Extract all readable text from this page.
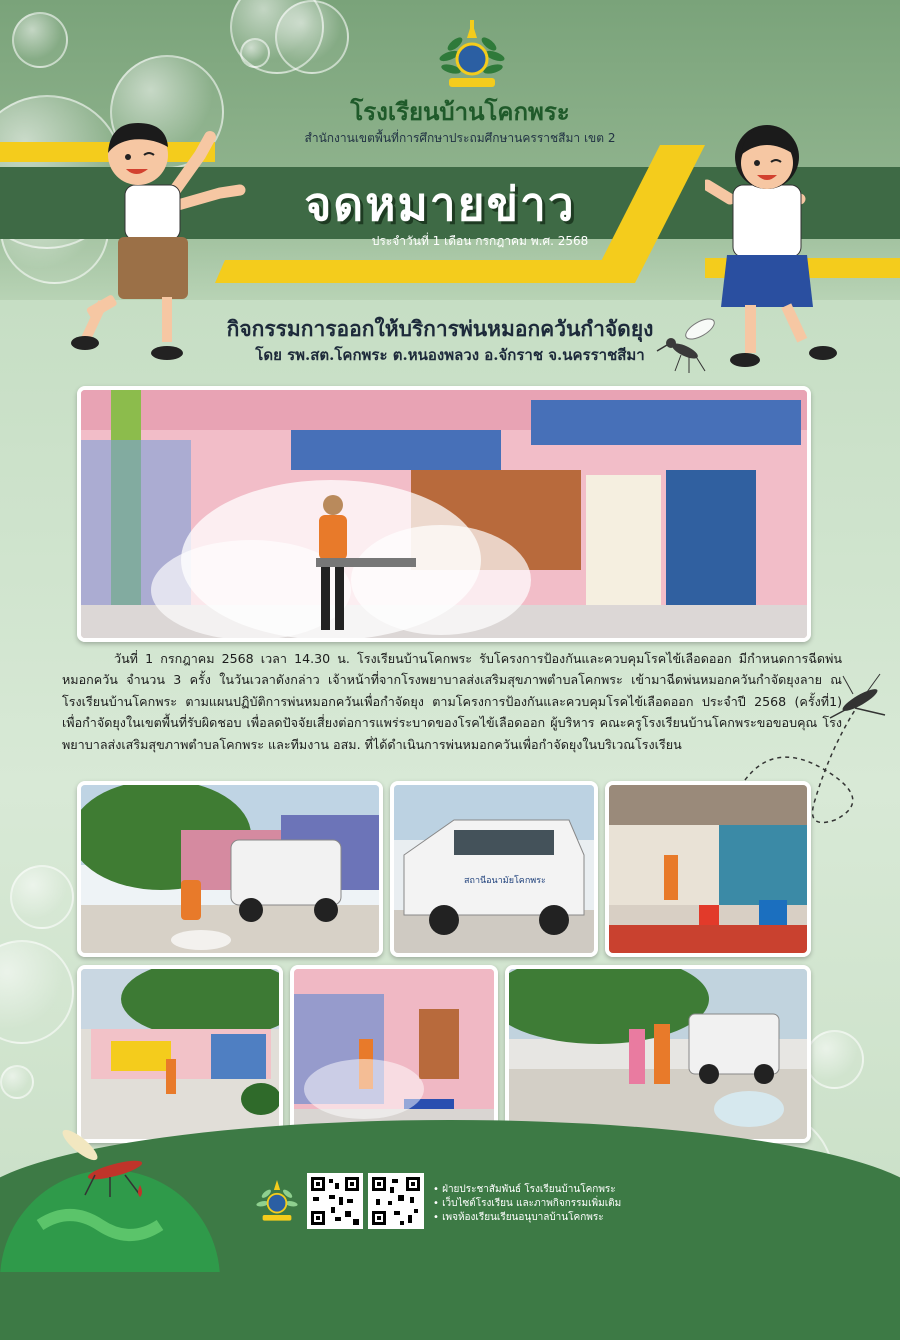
โรงเรียนบ้านโคกพระ
สำนักงานเขตพื้นที่การศึกษาประถมศึกษานครราชสีมา เขต 2
จดหมายข่าว
ประจำวันที่ 1 เดือน กรกฎาคม พ.ศ. 2568
กิจกรรมการออกให้บริการพ่นหมอกควันกำจัดยุง
โดย รพ.สต.โคกพระ ต.หนองพลวง อ.จักราช จ.นครราชสีมา
วันที่ 1 กรกฎาคม 2568 เวลา 14.30 น. โรงเรียนบ้านโคกพระ รับโครงการป้องกันและควบคุมโรคไข้เลือดออก มีกำหนดการฉีดพ่นหมอกควัน จำนวน 3 ครั้ง ในวันเวลาดังกล่าว เจ้าหน้าที่จากโรงพยาบาลส่งเสริมสุขภาพตำบลโคกพระ เข้ามาฉีดพ่นหมอกควันกำจัดยุงลาย ณ โรงเรียนบ้านโคกพระ ตามแผนปฏิบัติการพ่นหมอกควันเพื่อกำจัดยุง ตามโครงการป้องกันและควบคุมโรคไข้เลือดออก ประจำปี 2568 (ครั้งที่1) เพื่อกำจัดยุงในเขตพื้นที่รับผิดชอบ เพื่อลดปัจจัยเสี่ยงต่อการแพร่ระบาดของโรคไข้เลือดออก ผู้บริหาร คณะครูโรงเรียนบ้านโคกพระขอขอบคุณ โรงพยาบาลส่งเสริมสุขภาพตำบลโคกพระ และทีมงาน อสม. ที่ได้ดำเนินการพ่นหมอกควันเพื่อกำจัดยุงในบริเวณโรงเรียน
สถานีอนามัยโคกพระ
• ฝ่ายประชาสัมพันธ์ โรงเรียนบ้านโคกพระ
• เว็บไซต์โรงเรียน และภาพกิจกรรมเพิ่มเติม
• เพจห้องเรียนเรียนอนุบาลบ้านโคกพระ
